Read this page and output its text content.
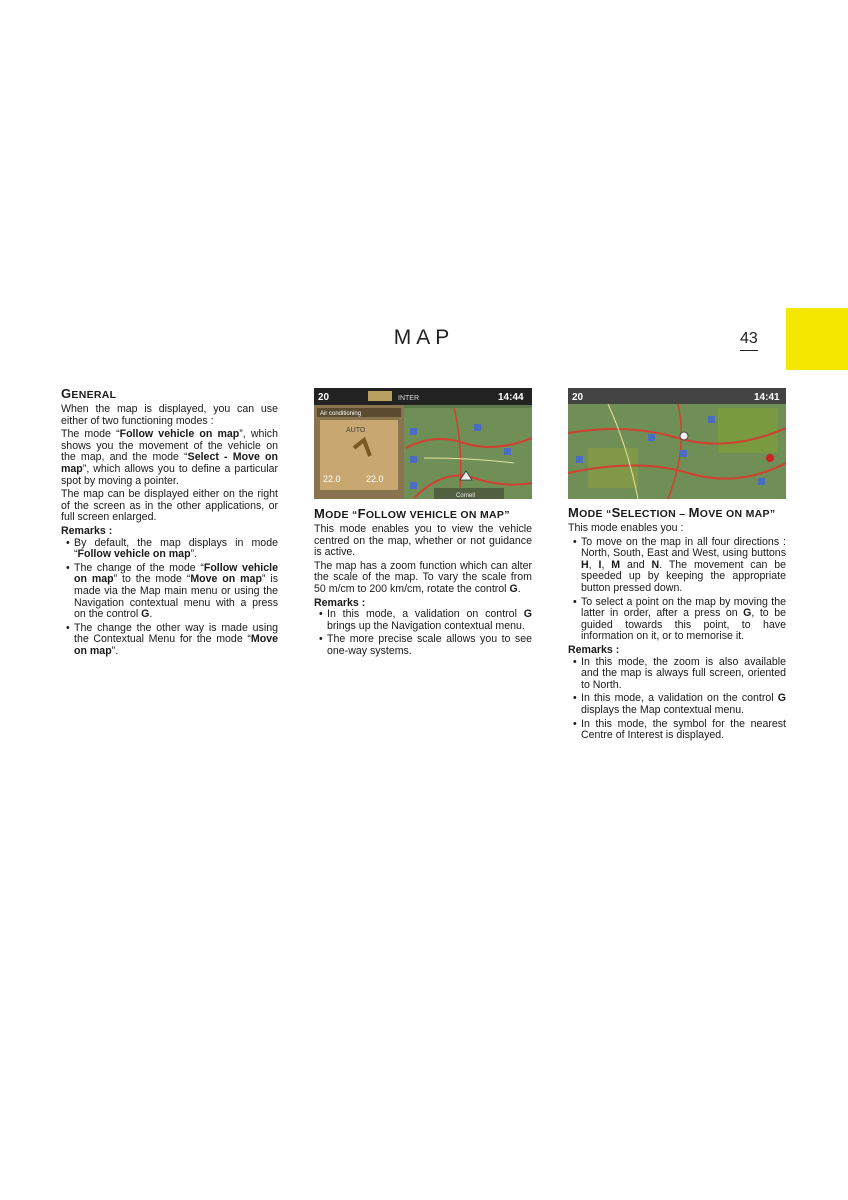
MAP	43
GENERAL

When the map is displayed, you can use either of two functioning modes :

The mode “Follow vehicle on map”, which shows you the movement of the vehicle on the map, and the mode “Select - Move on map”, which allows you to define a particular spot by moving a pointer.

The map can be displayed either on the right of the screen as in the other applications, or full screen enlarged.

Remarks :
• By default, the map displays in mode “Follow vehicle on map”.
• The change of the mode “Follow vehicle on map” to the mode “Move on map” is made via the Map main menu or using the Navigation contextual menu with a press on the control G.
• The change the other way is made using the Contextual Menu for the mode “Move on map”.
20	INTER	14:44
Air conditioning
AUTO
22.0	22.0
Cornell
MODE “FOLLOW VEHICLE ON MAP”

This mode enables you to view the vehicle centred on the map, whether or not guidance is active.

The map has a zoom function which can alter the scale of the map. To vary the scale from 50 m/cm to 200 km/cm, rotate the control G.

Remarks :
• In this mode, a validation on control G brings up the Navigation contextual menu.
• The more precise scale allows you to see one-way systems.
20	14:41
MODE “SELECTION – MOVE ON MAP”

This mode enables you :

• To move on the map in all four directions : North, South, East and West, using buttons H, I, M and N. The movement can be speeded up by keeping the appropriate button pressed down.
• To select a point on the map by moving the latter in order, after a press on G, to be guided towards this point, to have information on it, or to memorise it.
Remarks :
• In this mode, the zoom is also available and the map is always full screen, oriented to North.
• In this mode, a validation on the control G displays the Map contextual menu.
• In this mode, the symbol for the nearest Centre of Interest is displayed.
